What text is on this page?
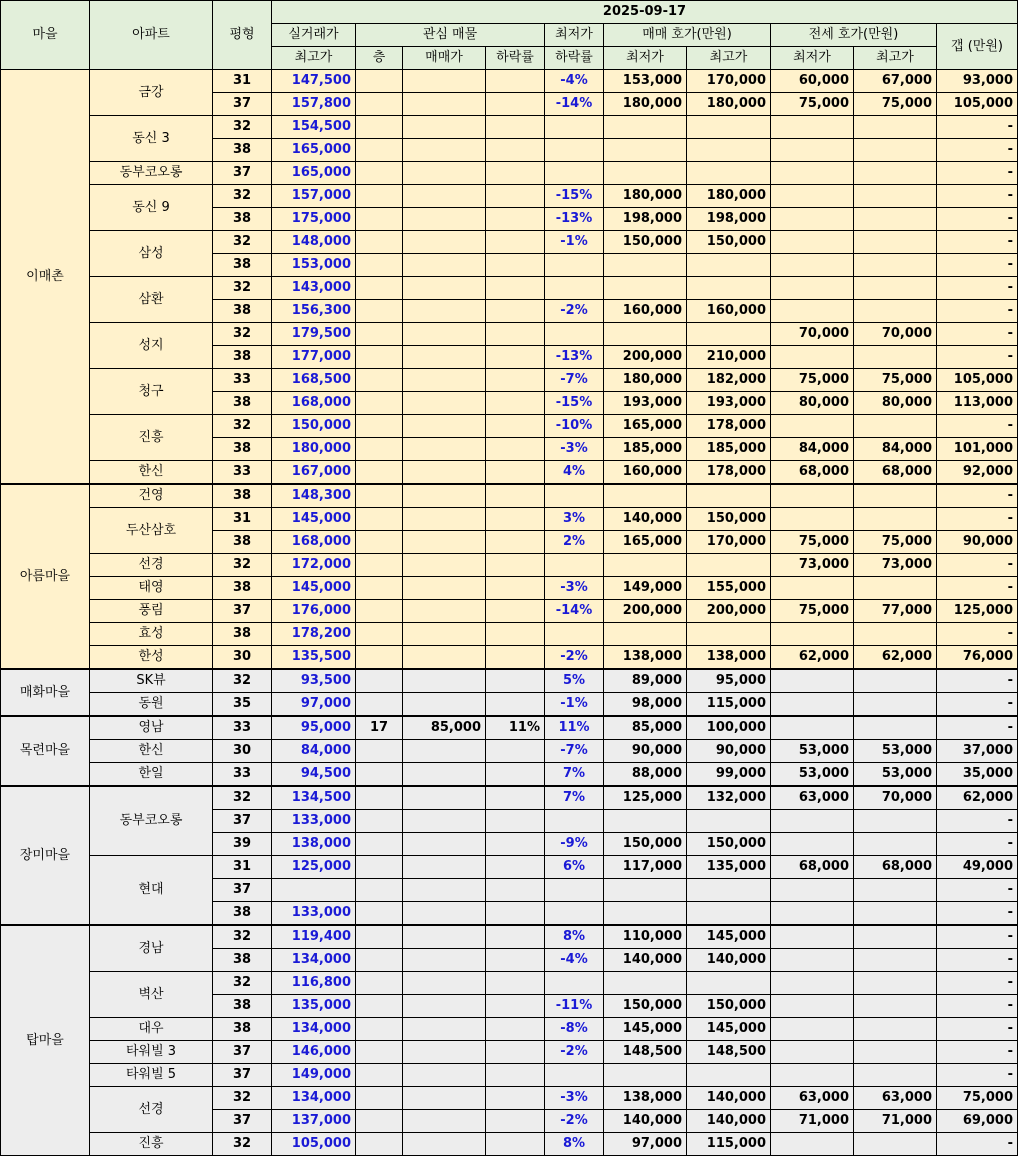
마을	아파트	평형	2025-09-17									
			실거래가	관심 매물			최저가	매매 호가(만원)		전세 호가(만원)		갭 (만원)
			최고가	층	매매가	하락률	하락률	최저가	최고가	최저가	최고가	
이매촌	금강	31	147,500				-4%	153,000	170,000	60,000	67,000	93,000
		37	157,800				-14%	180,000	180,000	75,000	75,000	105,000
	동신 3	32	154,500									-
		38	165,000									-
	동부코오롱	37	165,000									-
	동신 9	32	157,000				-15%	180,000	180,000			-
		38	175,000				-13%	198,000	198,000			-
	삼성	32	148,000				-1%	150,000	150,000			-
		38	153,000									-
	삼환	32	143,000									-
		38	156,300				-2%	160,000	160,000			-
	성지	32	179,500							70,000	70,000	-
		38	177,000				-13%	200,000	210,000			-
	청구	33	168,500				-7%	180,000	182,000	75,000	75,000	105,000
		38	168,000				-15%	193,000	193,000	80,000	80,000	113,000
	진흥	32	150,000				-10%	165,000	178,000			-
		38	180,000				-3%	185,000	185,000	84,000	84,000	101,000
	한신	33	167,000				4%	160,000	178,000	68,000	68,000	92,000
아름마을	건영	38	148,300									-
	두산삼호	31	145,000				3%	140,000	150,000			-
		38	168,000				2%	165,000	170,000	75,000	75,000	90,000
	선경	32	172,000							73,000	73,000	-
	태영	38	145,000				-3%	149,000	155,000			-
	풍림	37	176,000				-14%	200,000	200,000	75,000	77,000	125,000
	효성	38	178,200									-
	한성	30	135,500				-2%	138,000	138,000	62,000	62,000	76,000
매화마을	SK뷰	32	93,500				5%	89,000	95,000			-
	동원	35	97,000				-1%	98,000	115,000			-
목련마을	영남	33	95,000	17	85,000	11%	11%	85,000	100,000			-
	한신	30	84,000				-7%	90,000	90,000	53,000	53,000	37,000
	한일	33	94,500				7%	88,000	99,000	53,000	53,000	35,000
장미마을	동부코오롱	32	134,500				7%	125,000	132,000	63,000	70,000	62,000
		37	133,000									-
		39	138,000				-9%	150,000	150,000			-
	현대	31	125,000				6%	117,000	135,000	68,000	68,000	49,000
		37										-
		38	133,000									-
탑마을	경남	32	119,400				8%	110,000	145,000			-
		38	134,000				-4%	140,000	140,000			-
	벽산	32	116,800									-
		38	135,000				-11%	150,000	150,000			-
	대우	38	134,000				-8%	145,000	145,000			-
	타워빌 3	37	146,000				-2%	148,500	148,500			-
	타워빌 5	37	149,000									-
	선경	32	134,000				-3%	138,000	140,000	63,000	63,000	75,000
		37	137,000				-2%	140,000	140,000	71,000	71,000	69,000
	진흥	32	105,000				8%	97,000	115,000			-
